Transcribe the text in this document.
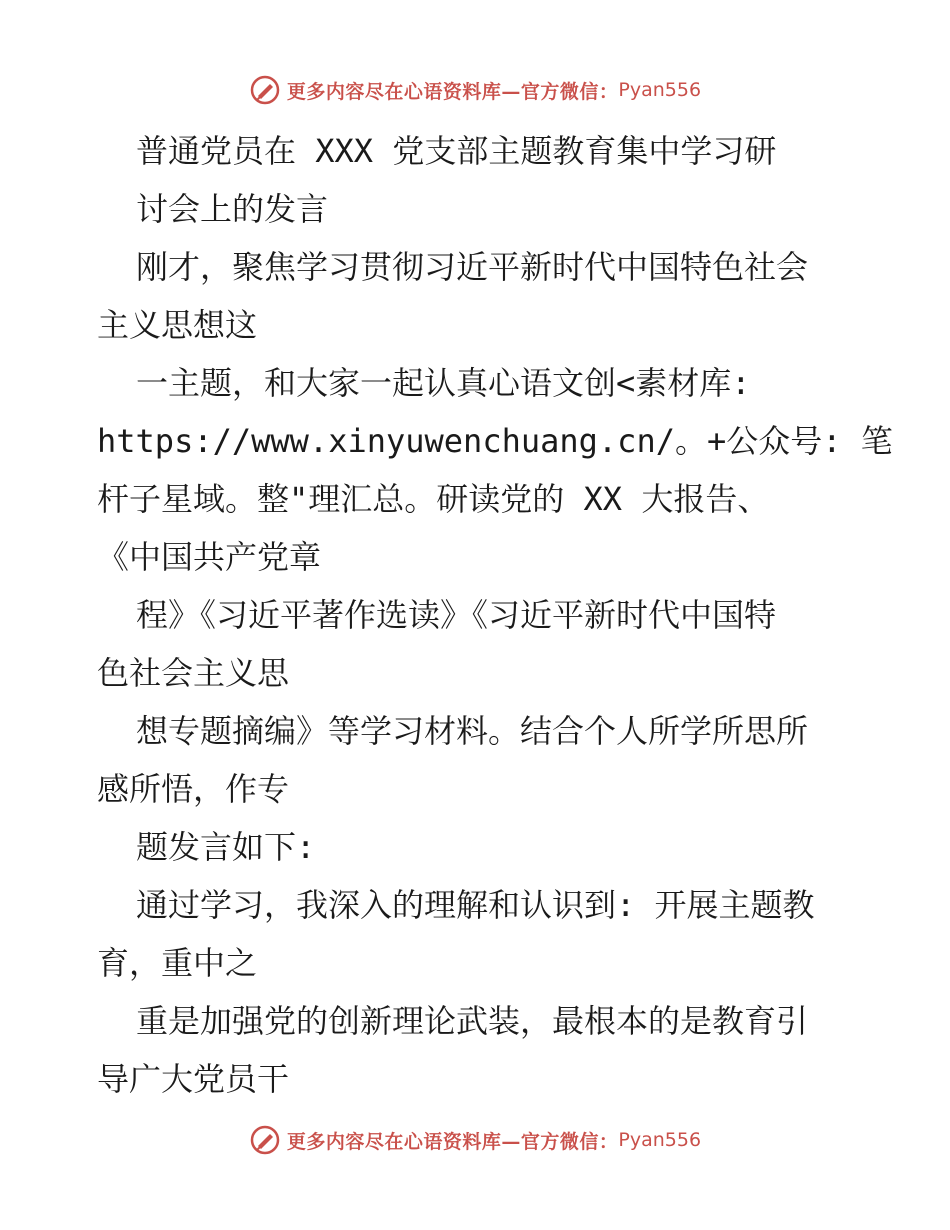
更多内容尽在心语资料库—官方微信： Pyan556
普通党员在 XXX 党支部主题教育集中学习研
讨会上的发言
刚才，聚焦学习贯彻习近平新时代中国特色社会
主义思想这
一主题，和大家一起认真心语文创<素材库:
https://www.xinyuwenchuang.cn/。+公众号: 笔
杆子星域。整"理汇总。研读党的 XX 大报告、
《中国共产党章
程》《习近平著作选读》《习近平新时代中国特
色社会主义思
想专题摘编》等学习材料。结合个人所学所思所
感所悟，作专
题发言如下:
通过学习，我深入的理解和认识到: 开展主题教
育，重中之
重是加强党的创新理论武装，最根本的是教育引
导广大党员干
更多内容尽在心语资料库—官方微信： Pyan556
